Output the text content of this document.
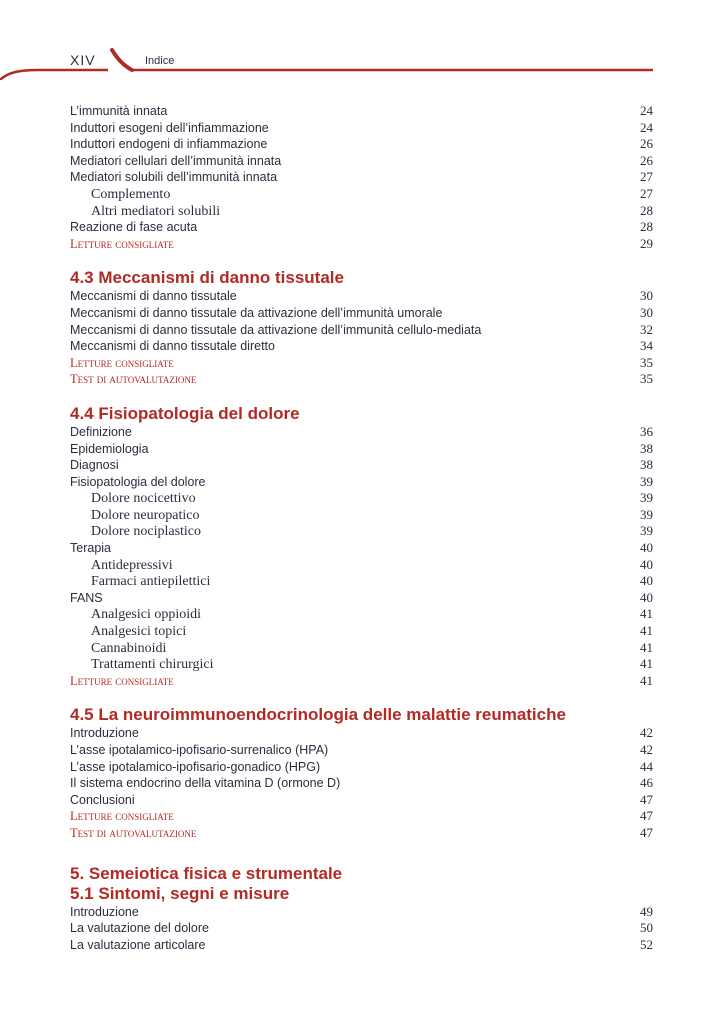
XIV	Indice
L’immunità innata	24
Induttori esogeni dell’infiammazione	24
Induttori endogeni di infiammazione	26
Mediatori cellulari dell’immunità innata	26
Mediatori solubili dell’immunità innata	27
Complemento	27
Altri mediatori solubili	28
Reazione di fase acuta	28
Letture consigliate	29
4.3 Meccanismi di danno tissutale
Meccanismi di danno tissutale	30
Meccanismi di danno tissutale da attivazione dell’immunità umorale	30
Meccanismi di danno tissutale da attivazione dell’immunità cellulo-mediata	32
Meccanismi di danno tissutale diretto	34
Letture consigliate	35
Test di autovalutazione	35
4.4 Fisiopatologia del dolore
Definizione	36
Epidemiologia	38
Diagnosi	38
Fisiopatologia del dolore	39
Dolore nocicettivo	39
Dolore neuropatico	39
Dolore nociplastico	39
Terapia	40
Antidepressivi	40
Farmaci antiepilettici	40
FANS	40
Analgesici oppioidi	41
Analgesici topici	41
Cannabinoidi	41
Trattamenti chirurgici	41
Letture consigliate	41
4.5 La neuroimmunoendocrinologia delle malattie reumatiche
Introduzione	42
L’asse ipotalamico-ipofisario-surrenalico (HPA)	42
L’asse ipotalamico-ipofisario-gonadico (HPG)	44
Il sistema endocrino della vitamina D (ormone D)	46
Conclusioni	47
Letture consigliate	47
Test di autovalutazione	47
5. Semeiotica fisica e strumentale
5.1 Sintomi, segni e misure
Introduzione	49
La valutazione del dolore	50
La valutazione articolare	52
